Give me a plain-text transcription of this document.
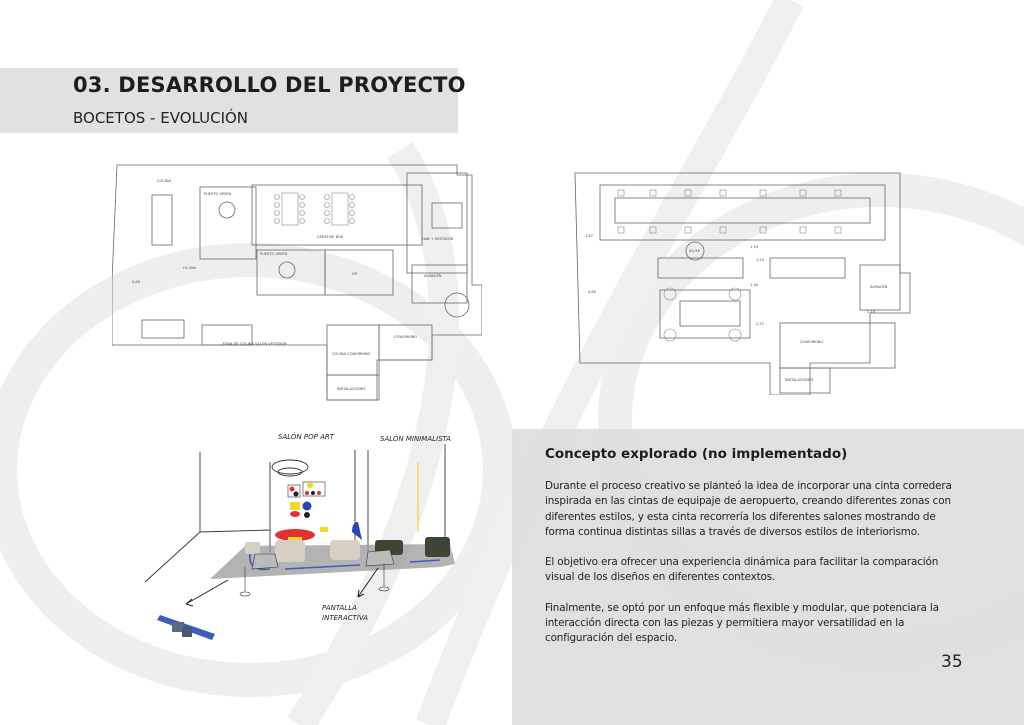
03. DESARROLLO DEL PROYECTO
BOCETOS - EVOLUCIÓN
COCINA
PUESTO VENTA
CREATIVE BOX	HAB + VESTIDOR
ALMACÉN
PUESTO VENTA
VR
ZONA DE COCINA SALÓN VESTIDOR
COCINA COWORKING
COWORKING
INSTALACIONES
0,80
+0,00m
1,67
Ø1,99
1,94
1,20
1,30
2,21
1,18
0,80
ALMACÉN
COWORKING
INSTALACIONES
SALÓN POP ART	SALÓN MINIMALISTA
PANTALLA
INTERACTIVA
Concepto explorado (no implementado)

Durante el proceso creativo se planteó la idea de incorporar una cinta corredera inspirada en las cintas de equipaje de aeropuerto, creando diferentes zonas con diferentes estilos, y esta cinta recorrería los diferentes salones mostrando de forma continua distintas sillas a través de diversos estilos de interiorismo.

El objetivo era ofrecer una experiencia dinámica para facilitar la comparación visual de los diseños en diferentes contextos.

Finalmente, se optó por un enfoque más flexible y modular, que potenciara la interacción directa con las piezas y permitiera mayor versatilidad en la configuración del espacio.

35
